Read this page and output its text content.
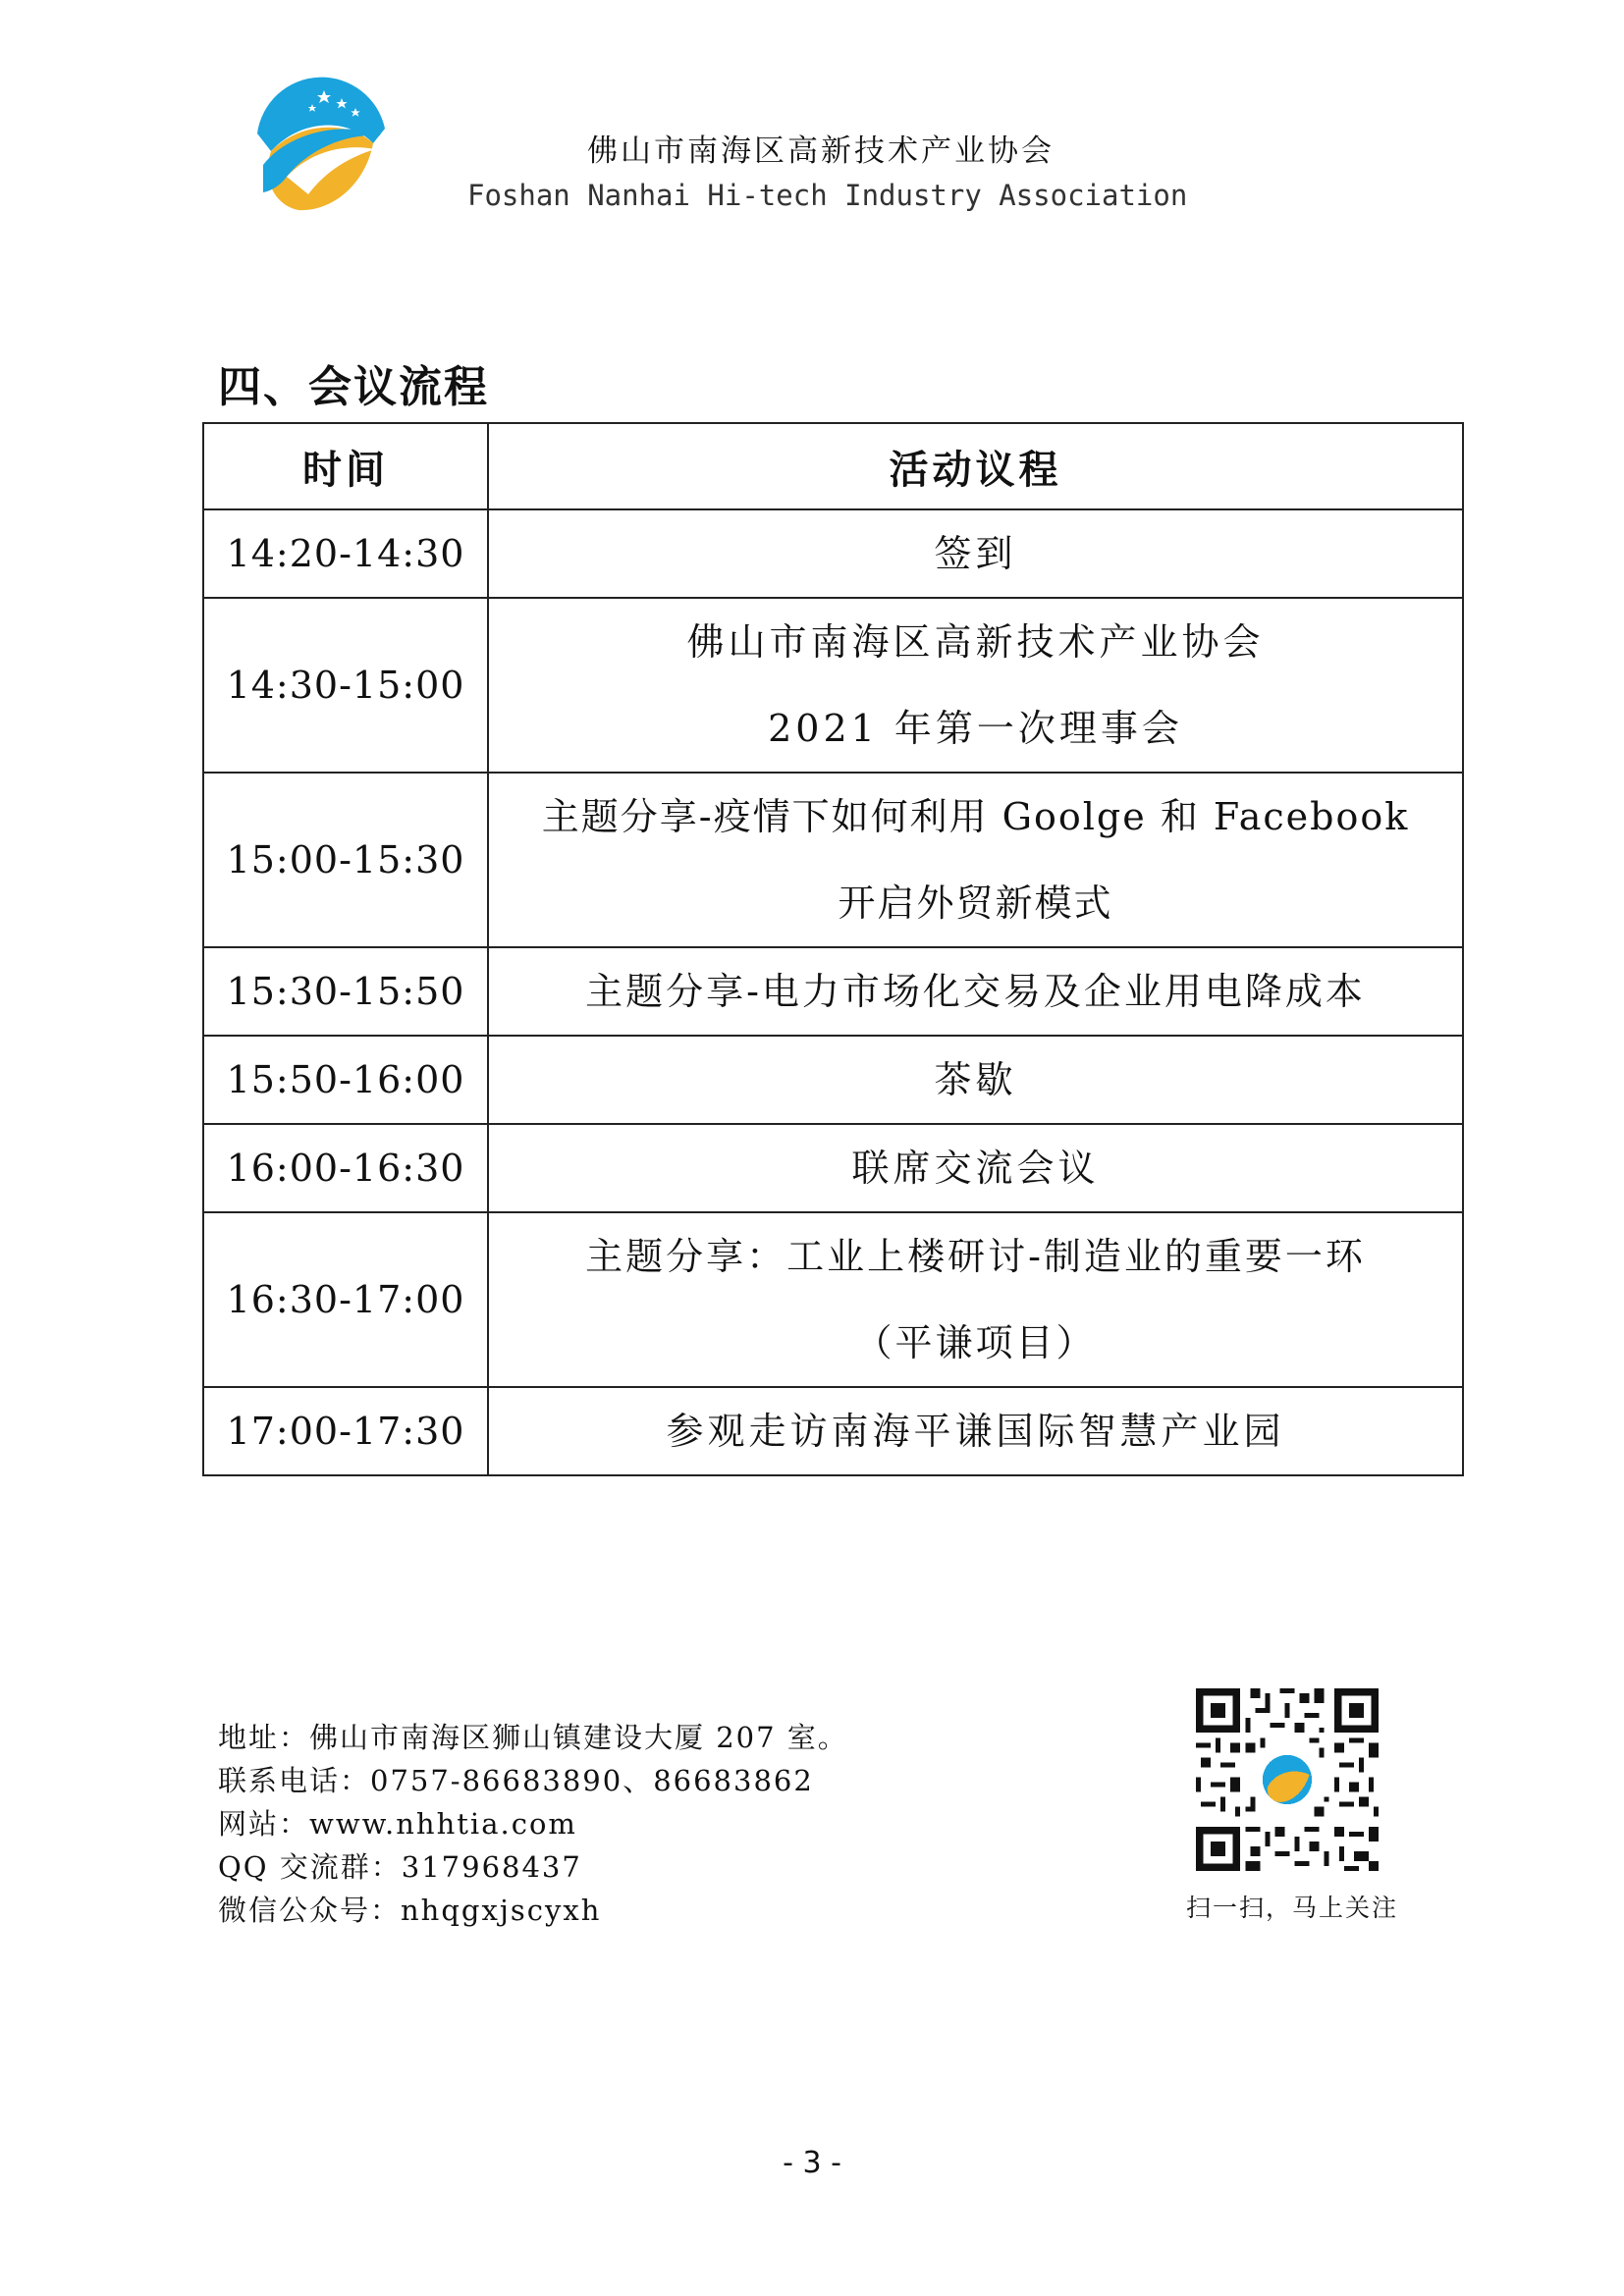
佛山市南海区高新技术产业协会
Foshan Nanhai Hi-tech Industry Association
四、会议流程
时间	活动议程
14:20-14:30	签到

14:30-15:00	佛山市南海区高新技术产业协会
2021 年第一次理事会

15:00-15:30	主题分享-疫情下如何利用 Goolge 和 Facebook
开启外贸新模式

15:30-15:50	主题分享-电力市场化交易及企业用电降成本

15:50-16:00	茶歇

16:00-16:30	联席交流会议

16:30-17:00	主题分享：工业上楼研讨-制造业的重要一环
（平谦项目）

17:00-17:30	参观走访南海平谦国际智慧产业园
地址：佛山市南海区狮山镇建设大厦 207 室。
联系电话：0757-86683890、86683862
网站：www.nhhtia.com
QQ 交流群：317968437
微信公众号：nhqgxjscyxh	扫一扫，马上关注
- 3 -
